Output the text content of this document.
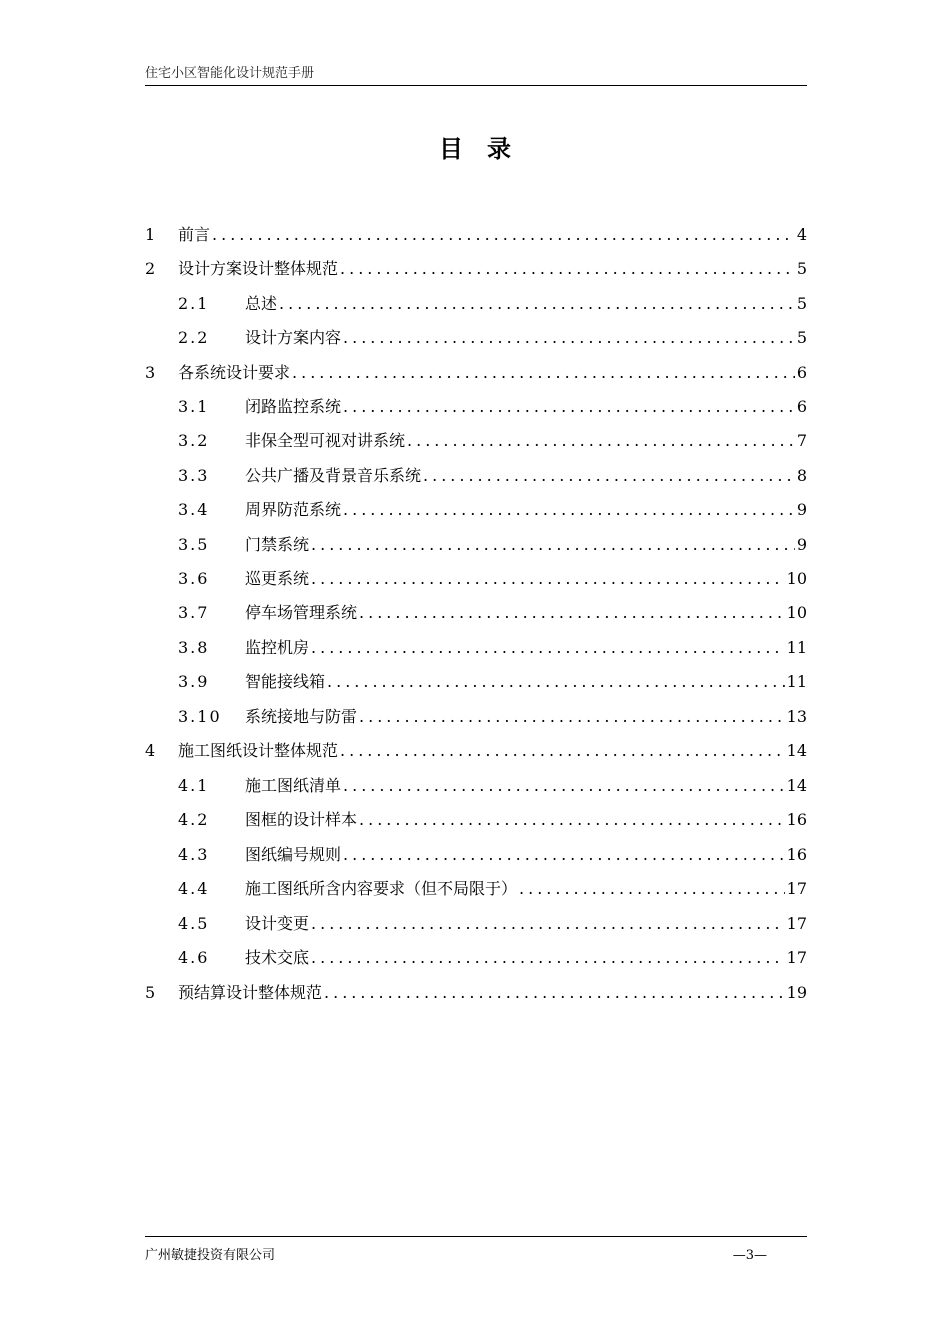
住宅小区智能化设计规范手册
目录
1	前言 .....	4
2	设计方案设计整体规范 .....	5
2.1	总述 .....	5
2.2	设计方案内容 .....	5
3	各系统设计要求 .....	6
3.1	闭路监控系统 .....	6
3.2	非保全型可视对讲系统 .....	7
3.3	公共广播及背景音乐系统 .....	8
3.4	周界防范系统 .....	9
3.5	门禁系统 .....	9
3.6	巡更系统 .....	10
3.7	停车场管理系统 .....	10
3.8	监控机房 .....	11
3.9	智能接线箱 .....	11
3.10	系统接地与防雷 .....	13
4	施工图纸设计整体规范 .....	14
4.1	施工图纸清单 .....	14
4.2	图框的设计样本 .....	16
4.3	图纸编号规则 .....	16
4.4	施工图纸所含内容要求（但不局限于） .....	17
4.5	设计变更 .....	17
4.6	技术交底 .....	17
5	预结算设计整体规范 .....	19
广州敏捷投资有限公司	—3—
